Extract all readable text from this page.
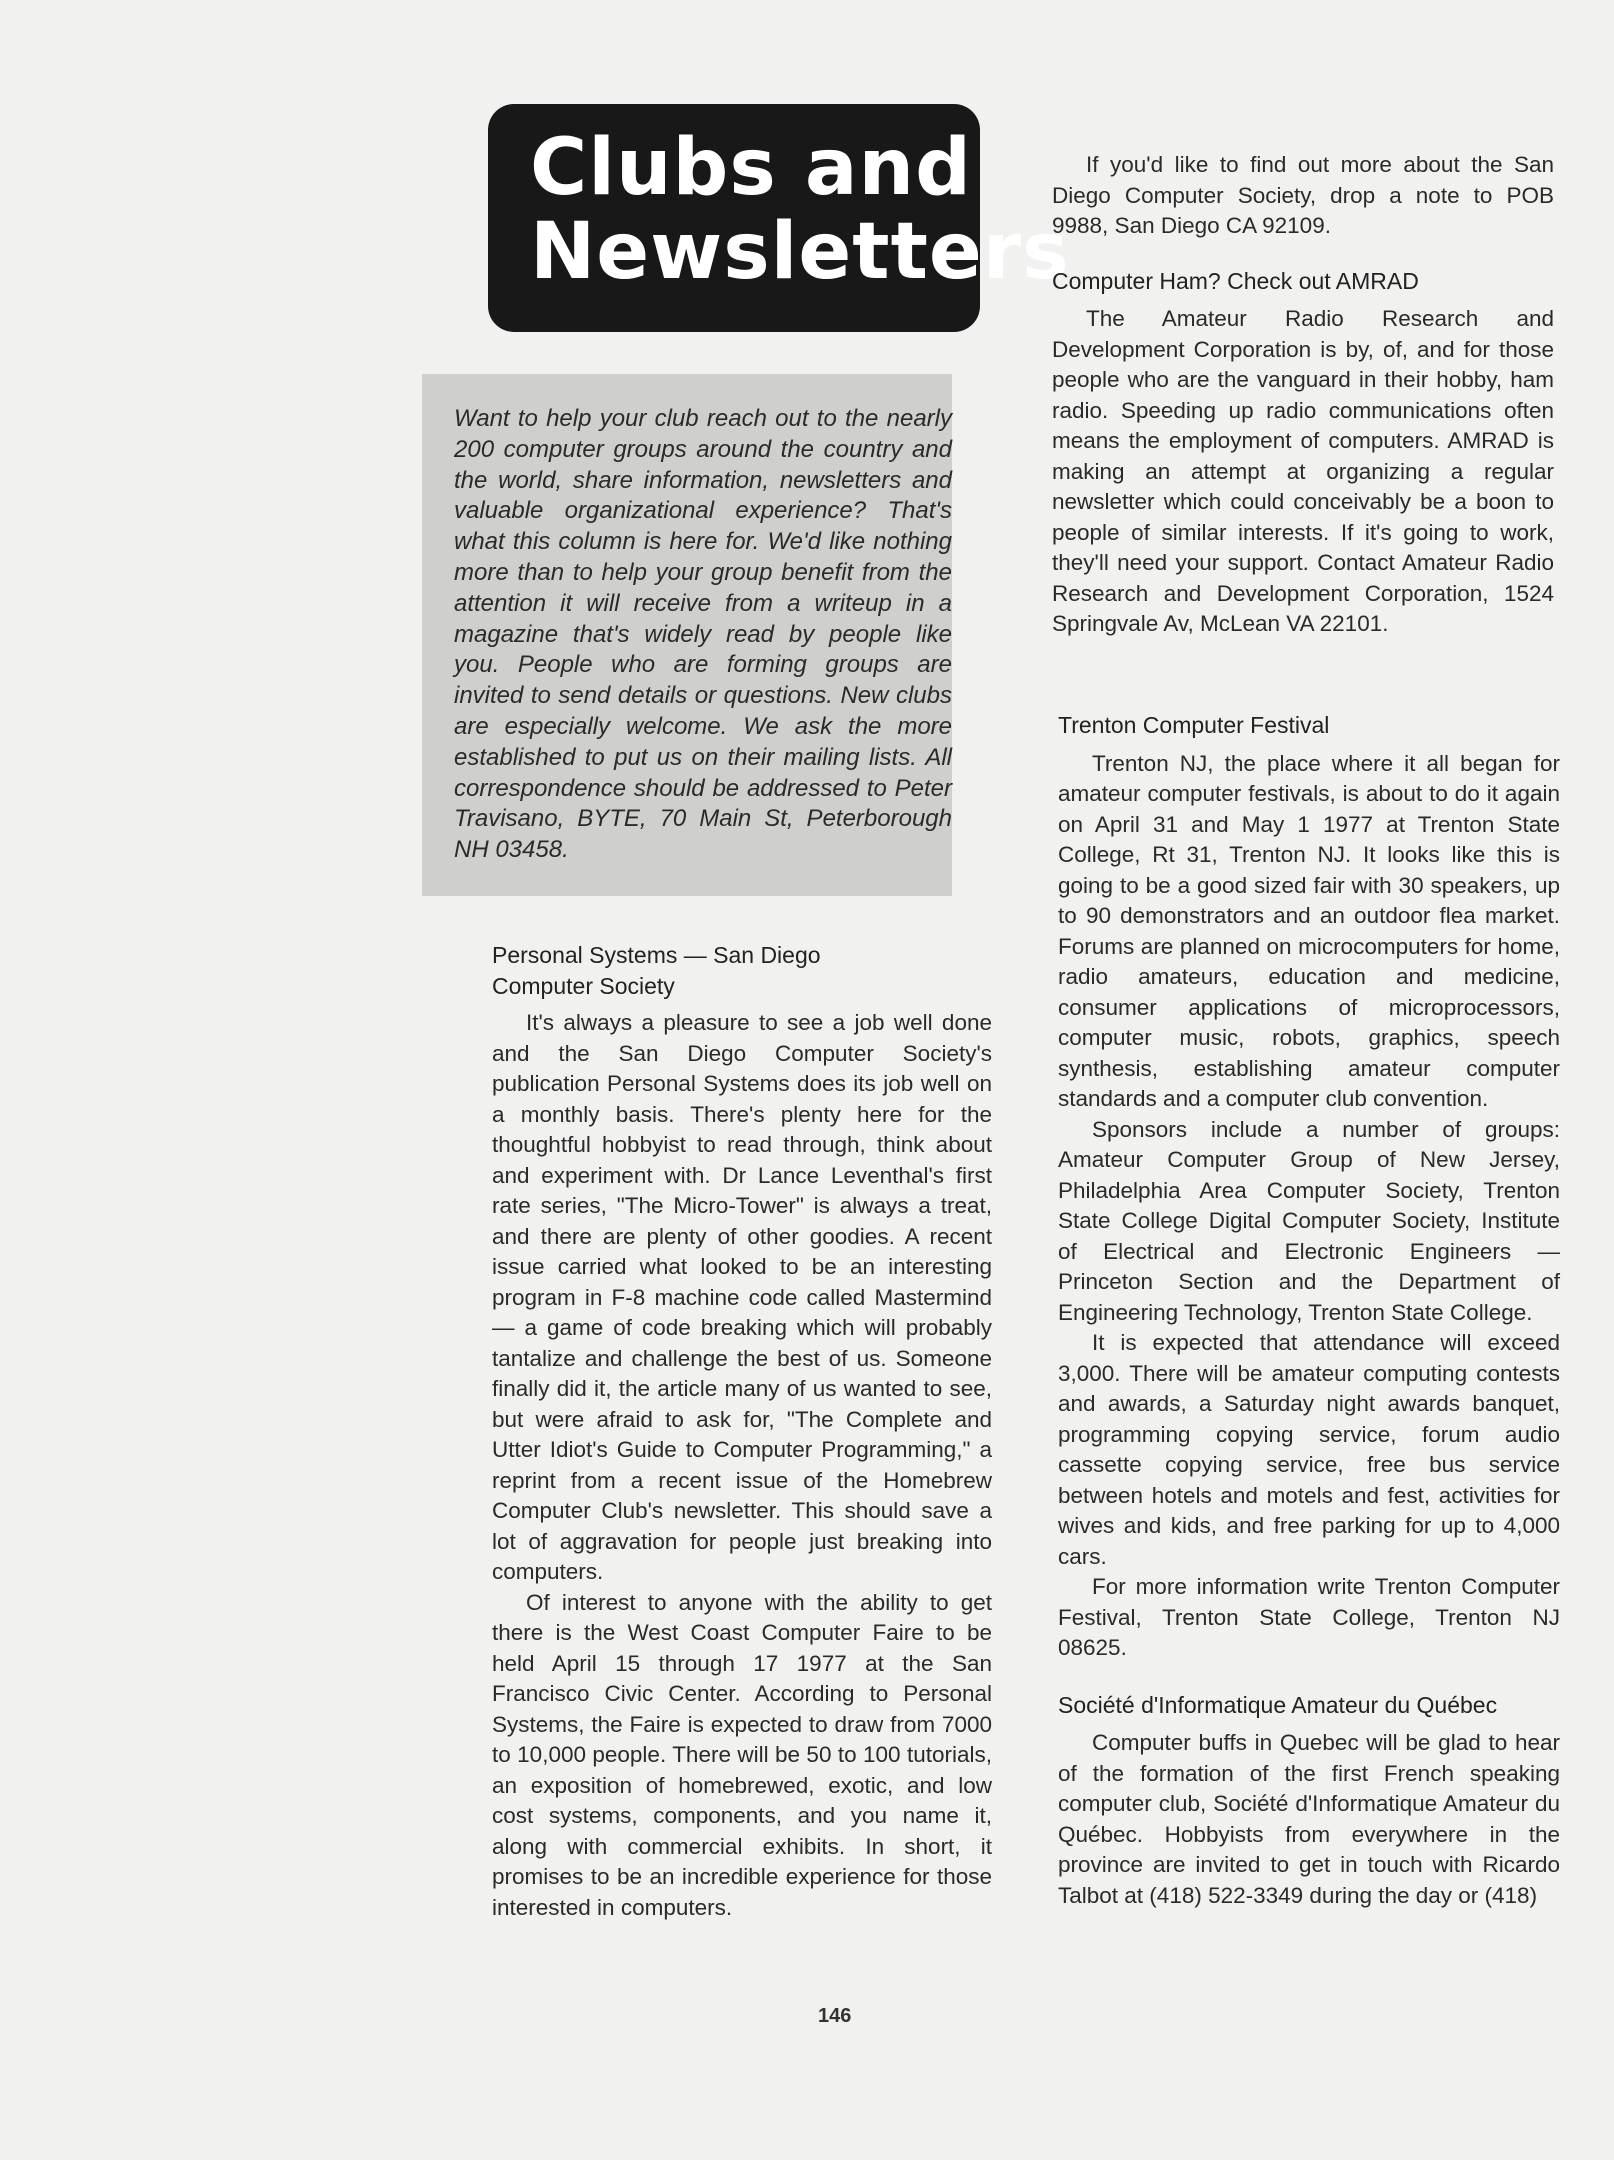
Clubs and
Newsletters

Want to help your club reach out to the nearly 200 computer groups around the country and the world, share information, newsletters and valuable organizational experience? That's what this column is here for. We'd like nothing more than to help your group benefit from the attention it will receive from a writeup in a magazine that's widely read by people like you. People who are forming groups are invited to send details or questions. New clubs are especially welcome. We ask the more established to put us on their mailing lists. All correspondence should be addressed to Peter Travisano, BYTE, 70 Main St, Peterborough NH 03458.

Personal Systems — San Diego
Computer Society

It's always a pleasure to see a job well done and the San Diego Computer Society's publication Personal Systems does its job well on a monthly basis. There's plenty here for the thoughtful hobbyist to read through, think about and experiment with. Dr Lance Leventhal's first rate series, "The Micro-Tower" is always a treat, and there are plenty of other goodies. A recent issue carried what looked to be an interesting program in F-8 machine code called Mastermind — a game of code breaking which will probably tantalize and challenge the best of us. Someone finally did it, the article many of us wanted to see, but were afraid to ask for, "The Complete and Utter Idiot's Guide to Computer Programming," a reprint from a recent issue of the Homebrew Computer Club's newsletter. This should save a lot of aggravation for people just breaking into computers.

Of interest to anyone with the ability to get there is the West Coast Computer Faire to be held April 15 through 17 1977 at the San Francisco Civic Center. According to Personal Systems, the Faire is expected to draw from 7000 to 10,000 people. There will be 50 to 100 tutorials, an exposition of homebrewed, exotic, and low cost systems, components, and you name it, along with commercial exhibits. In short, it promises to be an incredible experience for those interested in computers.

If you'd like to find out more about the San Diego Computer Society, drop a note to POB 9988, San Diego CA 92109.

Computer Ham? Check out AMRAD

The Amateur Radio Research and Development Corporation is by, of, and for those people who are the vanguard in their hobby, ham radio. Speeding up radio communications often means the employment of computers. AMRAD is making an attempt at organizing a regular newsletter which could conceivably be a boon to people of similar interests. If it's going to work, they'll need your support. Contact Amateur Radio Research and Development Corporation, 1524 Springvale Av, McLean VA 22101.

Trenton Computer Festival

Trenton NJ, the place where it all began for amateur computer festivals, is about to do it again on April 31 and May 1 1977 at Trenton State College, Rt 31, Trenton NJ. It looks like this is going to be a good sized fair with 30 speakers, up to 90 demonstrators and an outdoor flea market. Forums are planned on microcomputers for home, radio amateurs, education and medicine, consumer applications of microprocessors, computer music, robots, graphics, speech synthesis, establishing amateur computer standards and a computer club convention.

Sponsors include a number of groups: Amateur Computer Group of New Jersey, Philadelphia Area Computer Society, Trenton State College Digital Computer Society, Institute of Electrical and Electronic Engineers — Princeton Section and the Department of Engineering Technology, Trenton State College.

It is expected that attendance will exceed 3,000. There will be amateur computing contests and awards, a Saturday night awards banquet, programming copying service, forum audio cassette copying service, free bus service between hotels and motels and fest, activities for wives and kids, and free parking for up to 4,000 cars.

For more information write Trenton Computer Festival, Trenton State College, Trenton NJ 08625.

Société d'Informatique Amateur du Québec

Computer buffs in Quebec will be glad to hear of the formation of the first French speaking computer club, Société d'Informatique Amateur du Québec. Hobbyists from everywhere in the province are invited to get in touch with Ricardo Talbot at (418) 522-3349 during the day or (418)

146
